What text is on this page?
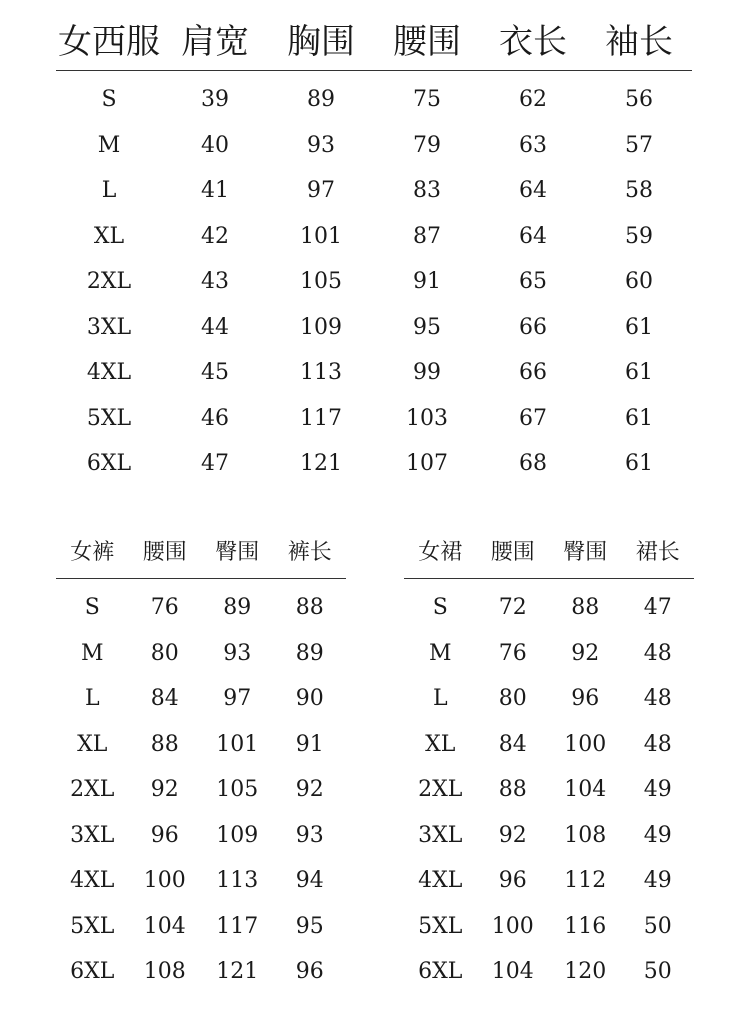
女西服	肩宽	胸围	腰围	衣长	袖长
S	39	89	75	62	56
M	40	93	79	63	57
L	41	97	83	64	58
XL	42	101	87	64	59
2XL	43	105	91	65	60
3XL	44	109	95	66	61
4XL	45	113	99	66	61
5XL	46	117	103	67	61
6XL	47	121	107	68	61
女裤	腰围	臀围	裤长
S	76	89	88
M	80	93	89
L	84	97	90
XL	88	101	91
2XL	92	105	92
3XL	96	109	93
4XL	100	113	94
5XL	104	117	95
6XL	108	121	96
女裙	腰围	臀围	裙长
S	72	88	47
M	76	92	48
L	80	96	48
XL	84	100	48
2XL	88	104	49
3XL	92	108	49
4XL	96	112	49
5XL	100	116	50
6XL	104	120	50
